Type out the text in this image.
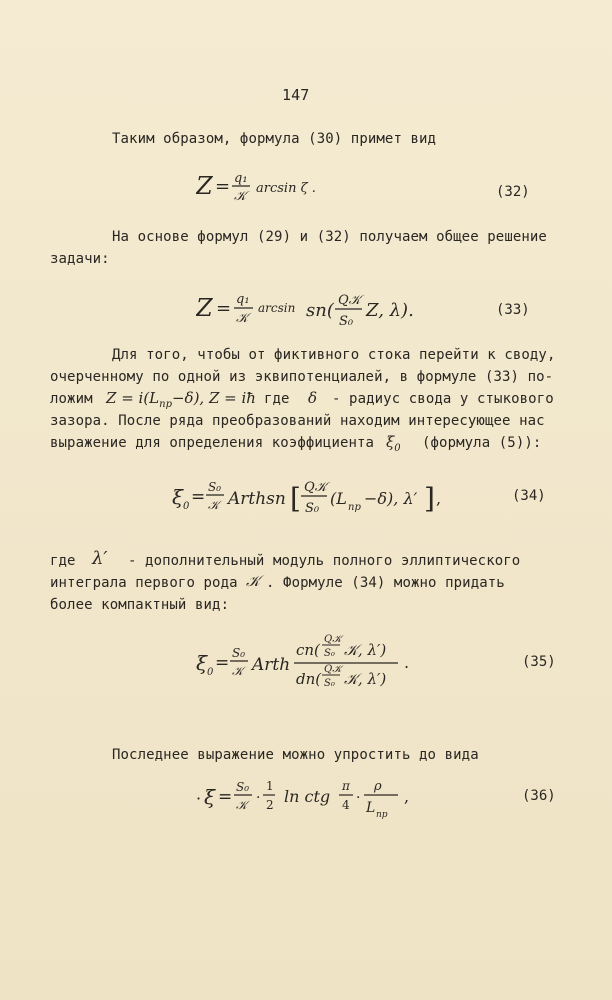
147
Таким образом, формула (30) примет вид
Z = q₁
𝒦
arcsin ζ .	(32)
На основе формул (29) и (32) получаем общее решение
задачи:
Z = q₁
𝒦
arcsin sn( Q𝒦
S₀
Z, λ).	(33)
Для того, чтобы от фиктивного стока перейти к своду,
очерченному по одной из эквипотенциалей, в формуле (33) по-
ложим $Z = i(L_{пр}-\delta)$, Z = iħ где δ - радиус свода у стыкового
зазора. После ряда преобразований находим интересующее нас
выражение для определения коэффициента $\xi_0$ (формула (5)):
ξ 0 = S₀
𝒦 Arthsn [ Q𝒦
S₀
(L пр −δ), λ′ ] ,	(34)
где λ′ - дополнительный модуль полного эллиптического
интеграла первого рода 𝒦 . Формуле (34) можно придать
более компактный вид:
ξ 0 = S₀
𝒦 Arth
cn(
Q𝒦
S₀ 𝒦, λ′)
dn(
Q𝒦
S₀ 𝒦, λ′)
.	(35)
Последнее выражение можно упростить до вида
· ξ = S₀
𝒦 ·
1
2 ln ctg
π
4 ·
ρ
L пр
,	(36)
